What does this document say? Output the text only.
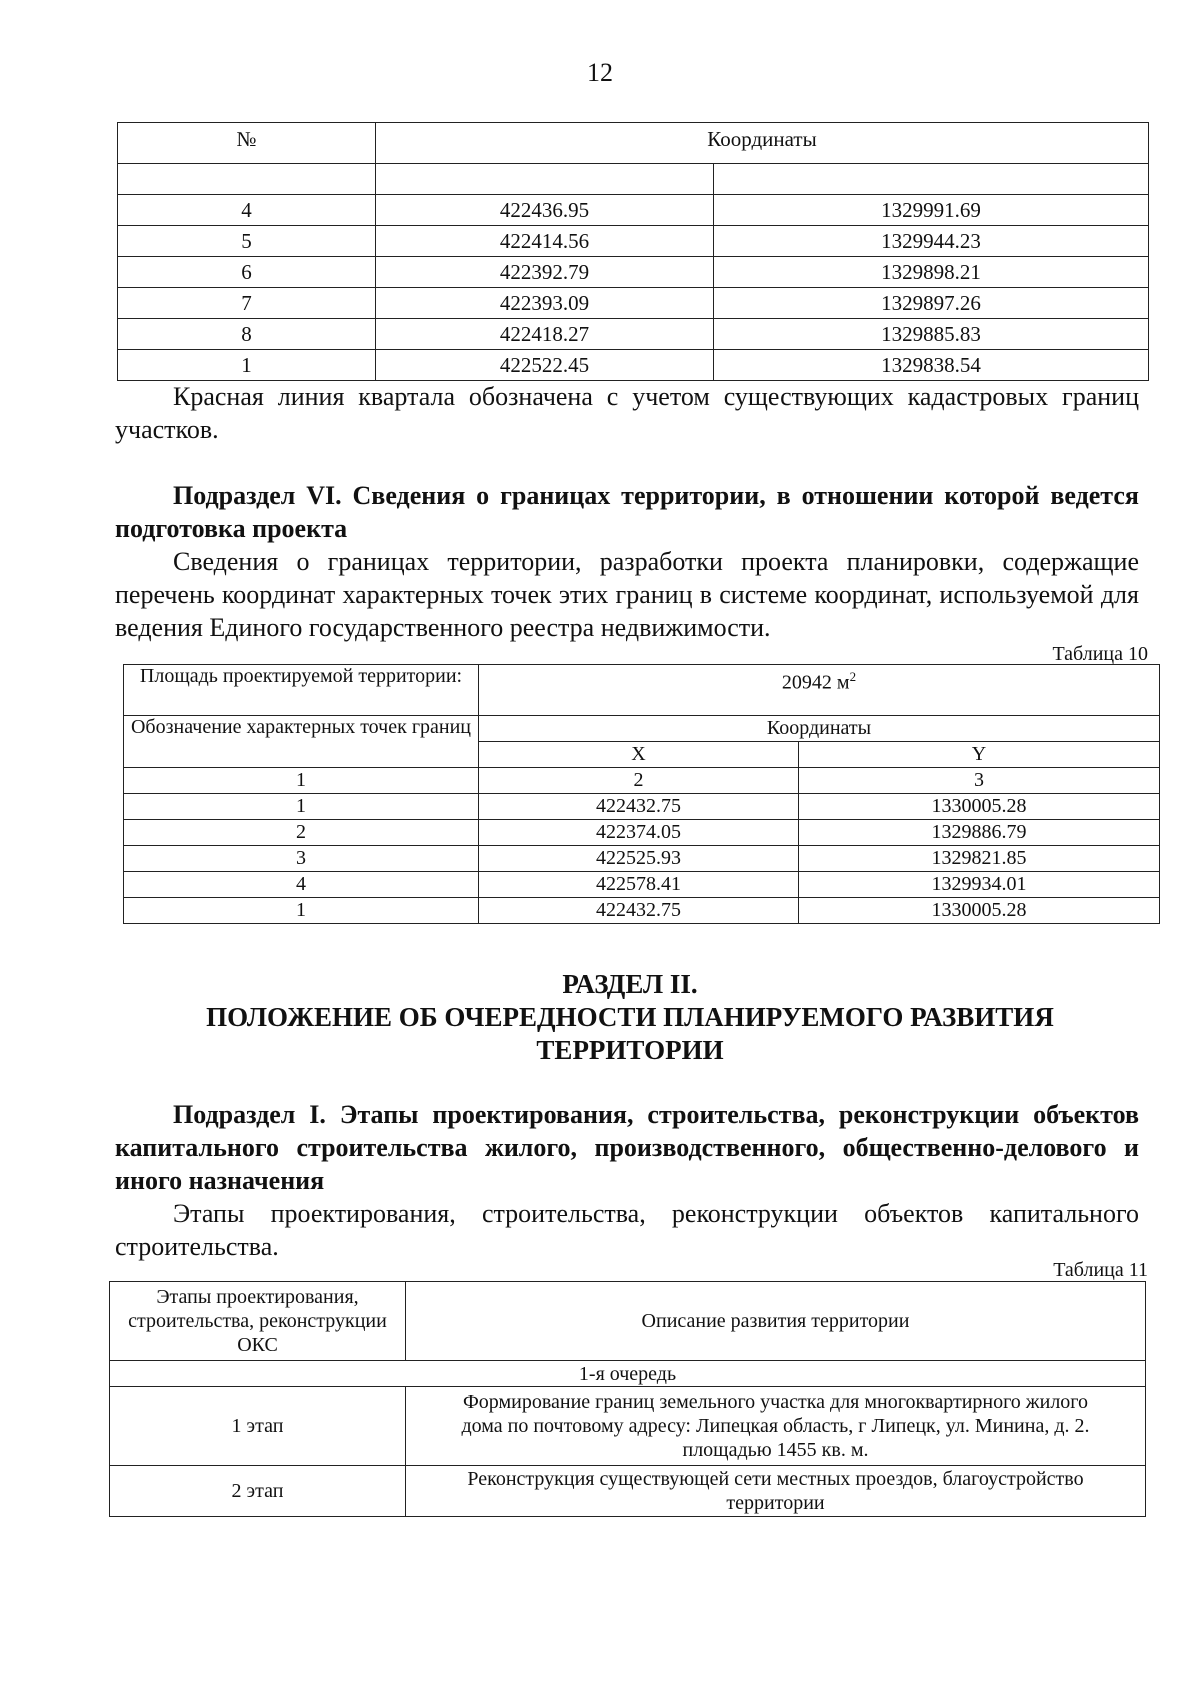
12
№	Координаты	

4	422436.95	1329991.69
5	422414.56	1329944.23
6	422392.79	1329898.21
7	422393.09	1329897.26
8	422418.27	1329885.83
1	422522.45	1329838.54
Красная линия квартала обозначена с учетом существующих кадастровых границ участков.
Подраздел VI. Сведения о границах территории, в отношении которой ведется подготовка проекта
Сведения о границах территории, разработки проекта планировки, содержащие перечень координат характерных точек этих границ в системе координат, используемой для ведения Единого государственного реестра недвижимости.
Таблица 10
Площадь проектируемой территории:	20942 $м^2$
Обозначение характерных точек границ	Координаты	
	X	Y
1	2	3
1	422432.75	1330005.28
2	422374.05	1329886.79
3	422525.93	1329821.85
4	422578.41	1329934.01
1	422432.75	1330005.28
РАЗДЕЛ II.
ПОЛОЖЕНИЕ ОБ ОЧЕРЕДНОСТИ ПЛАНИРУЕМОГО РАЗВИТИЯ
ТЕРРИТОРИИ
Подраздел I. Этапы проектирования, строительства, реконструкции объектов капитального строительства жилого, производственного, общественно-делового и иного назначения
Этапы проектирования, строительства, реконструкции объектов капитального строительства.
Таблица 11
Этапы проектирования, строительства, реконструкции ОКС	Описание развития территории
1-я очередь	
1 этап	Формирование границ земельного участка для многоквартирного жилого дома по почтовому адресу: Липецкая область, г Липецк, ул. Минина, д. 2. площадью 1455 кв. м.
2 этап	Реконструкция существующей сети местных проездов, благоустройство территории
